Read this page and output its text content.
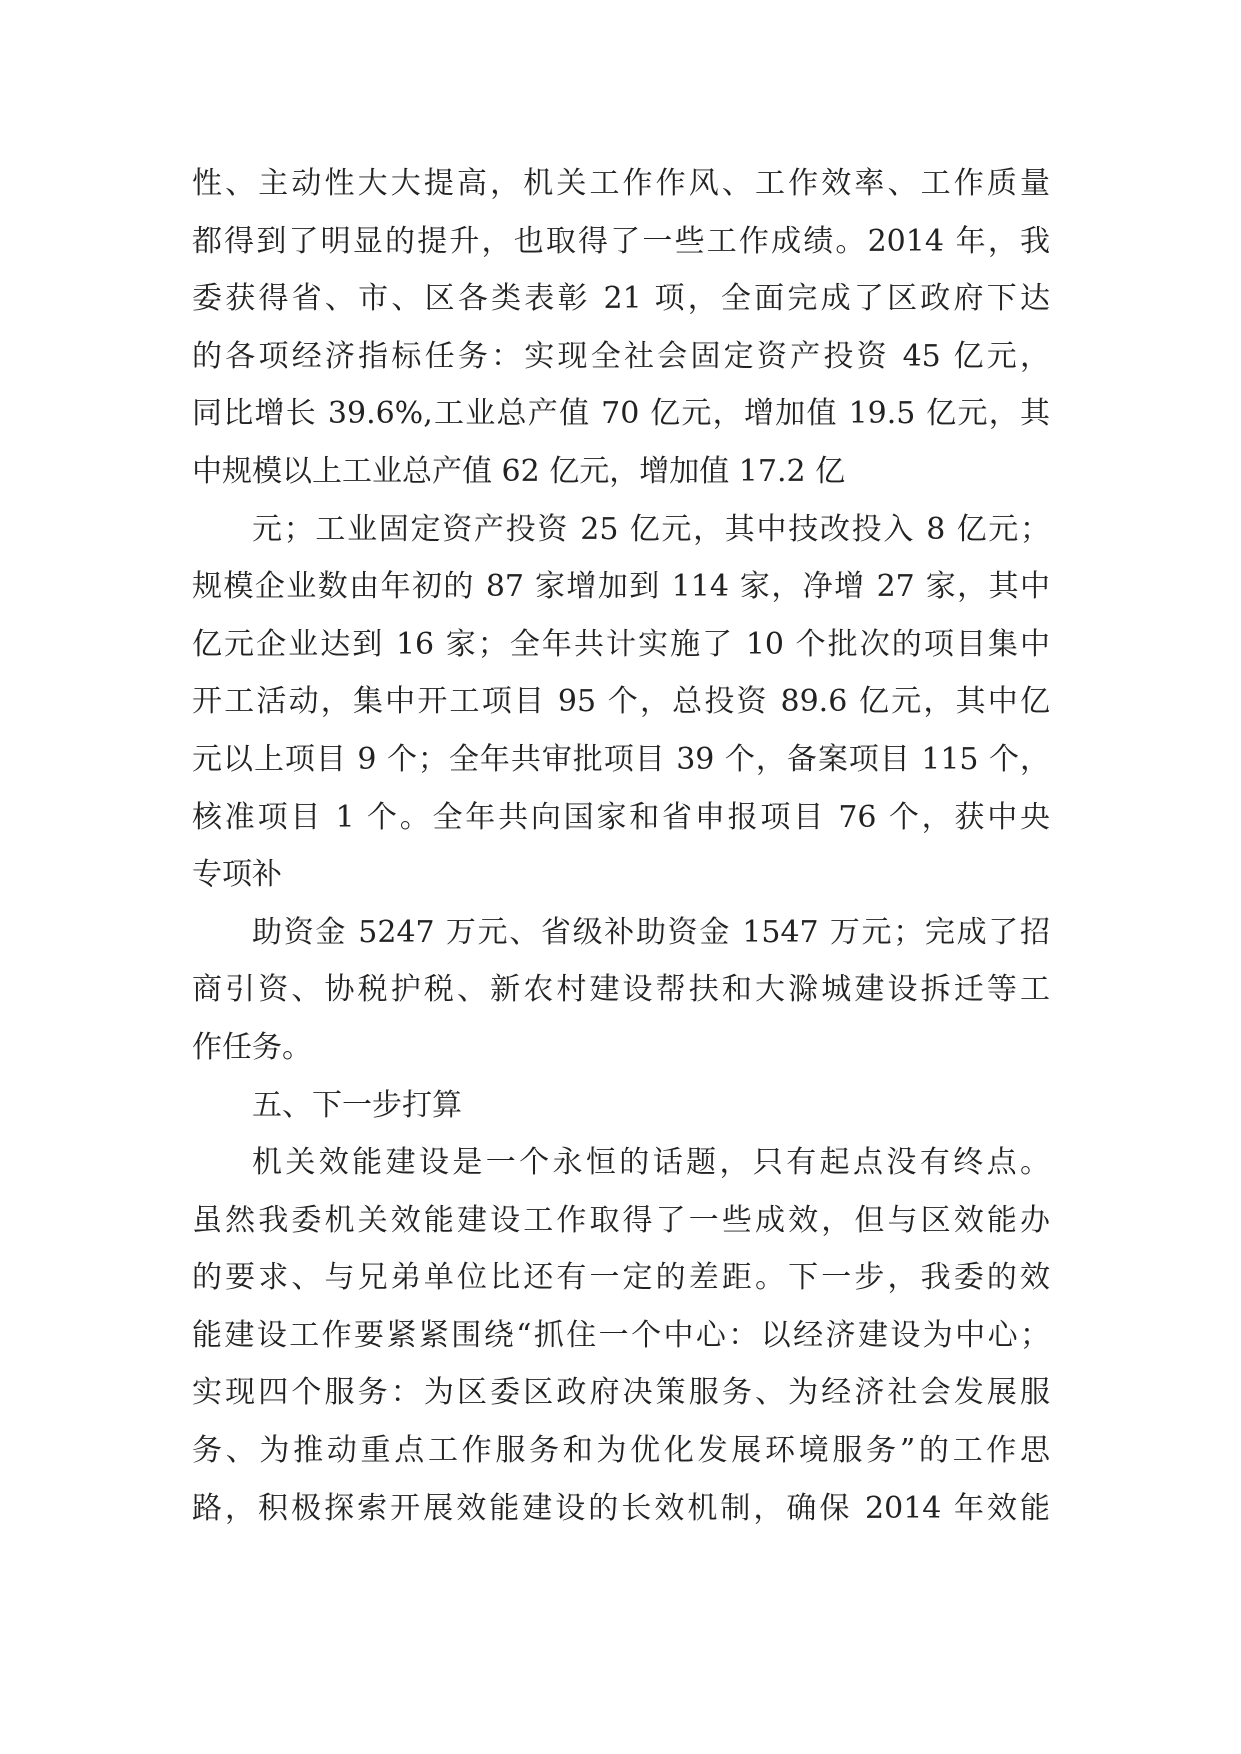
性、主动性大大提高，机关工作作风、工作效率、工作质量
都得到了明显的提升，也取得了一些工作成绩。2014 年，我
委获得省、市、区各类表彰 21 项，全面完成了区政府下达
的各项经济指标任务：实现全社会固定资产投资 45 亿元，
同比增长 39.6%,工业总产值 70 亿元，增加值 19.5 亿元，其
中规模以上工业总产值 62 亿元，增加值 17.2 亿
元；工业固定资产投资 25 亿元，其中技改投入 8 亿元；
规模企业数由年初的 87 家增加到 114 家，净增 27 家，其中
亿元企业达到 16 家；全年共计实施了 10 个批次的项目集中
开工活动，集中开工项目 95 个，总投资 89.6 亿元，其中亿
元以上项目 9 个；全年共审批项目 39 个，备案项目 115 个，
核准项目 1 个。全年共向国家和省申报项目 76 个，获中央
专项补
助资金 5247 万元、省级补助资金 1547 万元；完成了招
商引资、协税护税、新农村建设帮扶和大滁城建设拆迁等工
作任务。
五、下一步打算
机关效能建设是一个永恒的话题，只有起点没有终点。
虽然我委机关效能建设工作取得了一些成效，但与区效能办
的要求、与兄弟单位比还有一定的差距。下一步，我委的效
能建设工作要紧紧围绕“抓住一个中心：以经济建设为中心；
实现四个服务：为区委区政府决策服务、为经济社会发展服
务、为推动重点工作服务和为优化发展环境服务”的工作思
路，积极探索开展效能建设的长效机制，确保 2014 年效能
